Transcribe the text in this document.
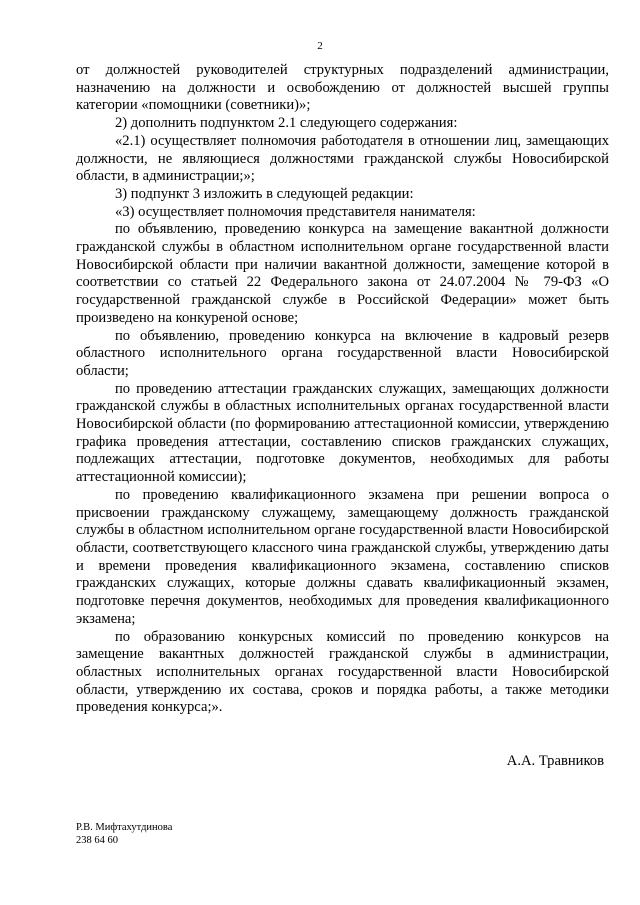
2

от должностей руководителей структурных подразделений администрации, назначению на должности и освобождению от должностей высшей группы категории «помощники (советники)»;

2) дополнить подпунктом 2.1 следующего содержания:

«2.1) осуществляет полномочия работодателя в отношении лиц, замещающих должности, не являющиеся должностями гражданской службы Новосибирской области, в администрации;»;

3) подпункт 3 изложить в следующей редакции:

«3) осуществляет полномочия представителя нанимателя:

по объявлению, проведению конкурса на замещение вакантной должности гражданской службы в областном исполнительном органе государственной власти Новосибирской области при наличии вакантной должности, замещение которой в соответствии со статьей 22 Федерального закона от 24.07.2004 № 79-ФЗ «О государственной гражданской службе в Российской Федерации» может быть произведено на конкуреной основе;

по объявлению, проведению конкурса на включение в кадровый резерв областного исполнительного органа государственной власти Новосибирской области;

по проведению аттестации гражданских служащих, замещающих должности гражданской службы в областных исполнительных органах государственной власти Новосибирской области (по формированию аттестационной комиссии, утверждению графика проведения аттестации, составлению списков гражданских служащих, подлежащих аттестации, подготовке документов, необходимых для работы аттестационной комиссии);

по проведению квалификационного экзамена при решении вопроса о присвоении гражданскому служащему, замещающему должность гражданской службы в областном исполнительном органе государственной власти Новосибирской области, соответствующего классного чина гражданской службы, утверждению даты и времени проведения квалификационного экзамена, составлению списков гражданских служащих, которые должны сдавать квалификационный экзамен, подготовке перечня документов, необходимых для проведения квалификационного экзамена;

по образованию конкурсных комиссий по проведению конкурсов на замещение вакантных должностей гражданской службы в администрации, областных исполнительных органах государственной власти Новосибирской области, утверждению их состава, сроков и порядка работы, а также методики проведения конкурса;».

А.А. Травников
Р.В. Мифтахутдинова
238 64 60
